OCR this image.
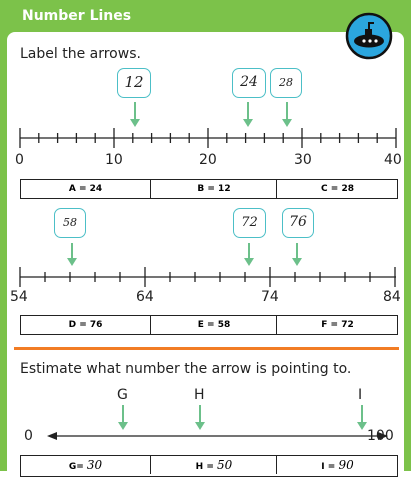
Number Lines
Label the arrows.
0	10	20	30	40
12	24	28
A = 24	B = 12	C = 28
58	72	76
54	64	74	84
D = 76	E = 58	F = 72
Estimate what number the arrow is pointing to.
G	H	I
0	100
G= 30	H = 50	I = 90
